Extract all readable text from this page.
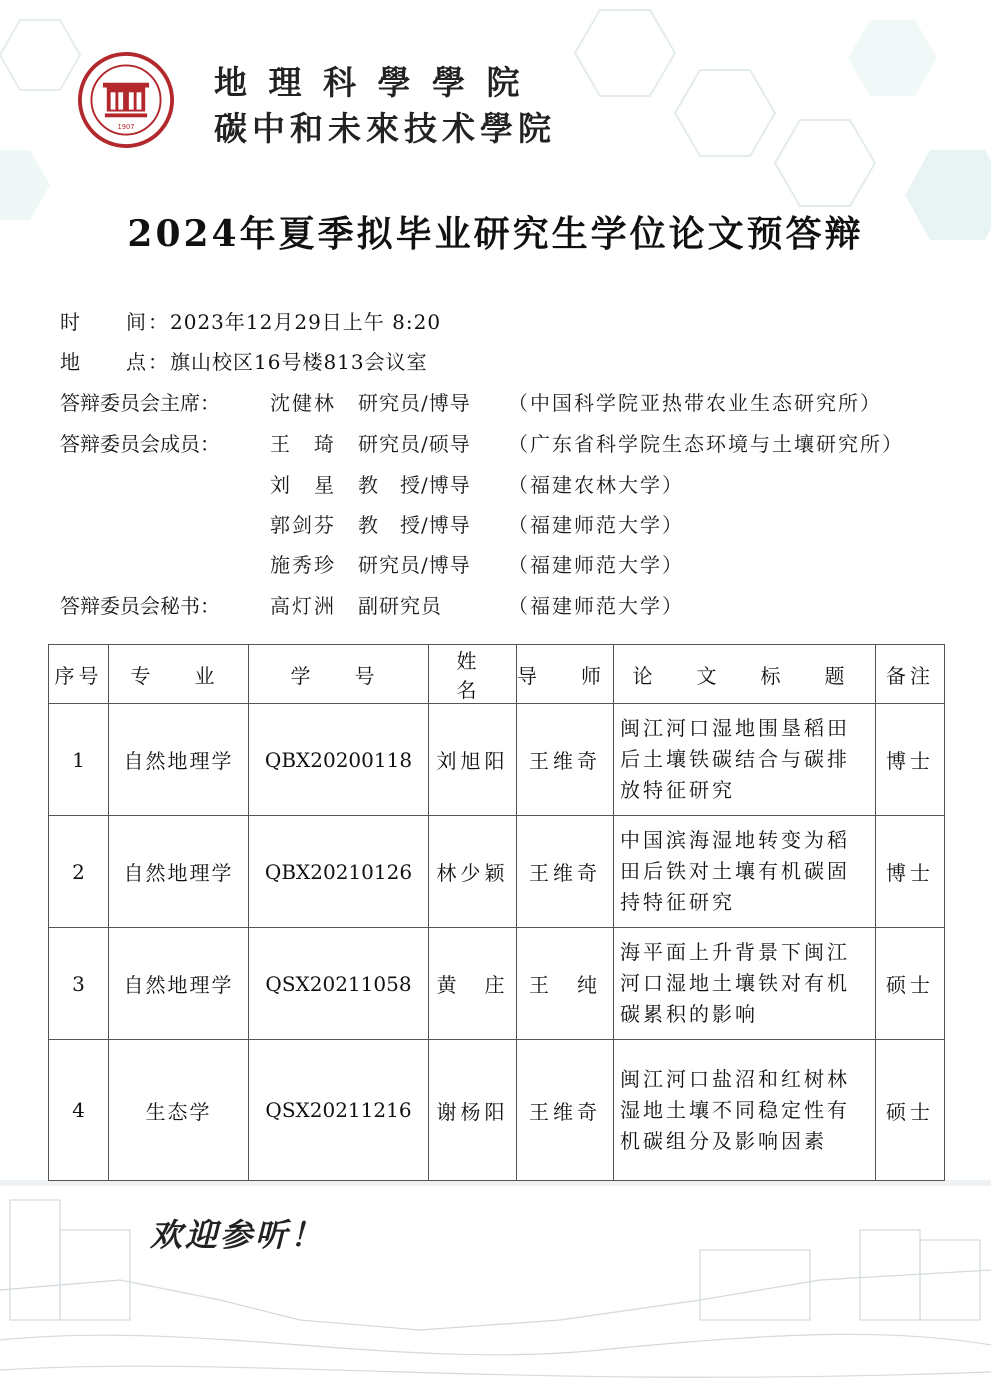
1907
地 理 科 學 學 院
碳中和未來技术學院
2024年夏季拟毕业研究生学位论文预答辩
时　　间：2023年12月29日上午 8:20
地　　点：旗山校区16号楼813会议室
答辩委员会主席：	沈健林 研究员/博导 （中国科学院亚热带农业生态研究所）
答辩委员会成员：	王　琦 研究员/硕导 （广东省科学院生态环境与土壤研究所）
刘　星 教　授/博导 （福建农林大学）
郭剑芬 教　授/博导 （福建师范大学）
施秀珍 研究员/博导 （福建师范大学）
答辩委员会秘书：	高灯洲 副研究员	（福建师范大学）
序号	专　业	学　号	姓　名	导　师	论　文　标　题	备注
1	自然地理学	QBX20200118	刘旭阳	王维奇	闽江河口湿地围垦稻田后土壤铁碳结合与碳排放特征研究	博士
2	自然地理学	QBX20210126	林少颖	王维奇	中国滨海湿地转变为稻田后铁对土壤有机碳固持特征研究	博士
3	自然地理学	QSX20211058	黄　庄	王　纯	海平面上升背景下闽江河口湿地土壤铁对有机碳累积的影响	硕士
4	生态学	QSX20211216	谢杨阳	王维奇	闽江河口盐沼和红树林湿地土壤不同稳定性有机碳组分及影响因素	硕士
欢迎参听！
